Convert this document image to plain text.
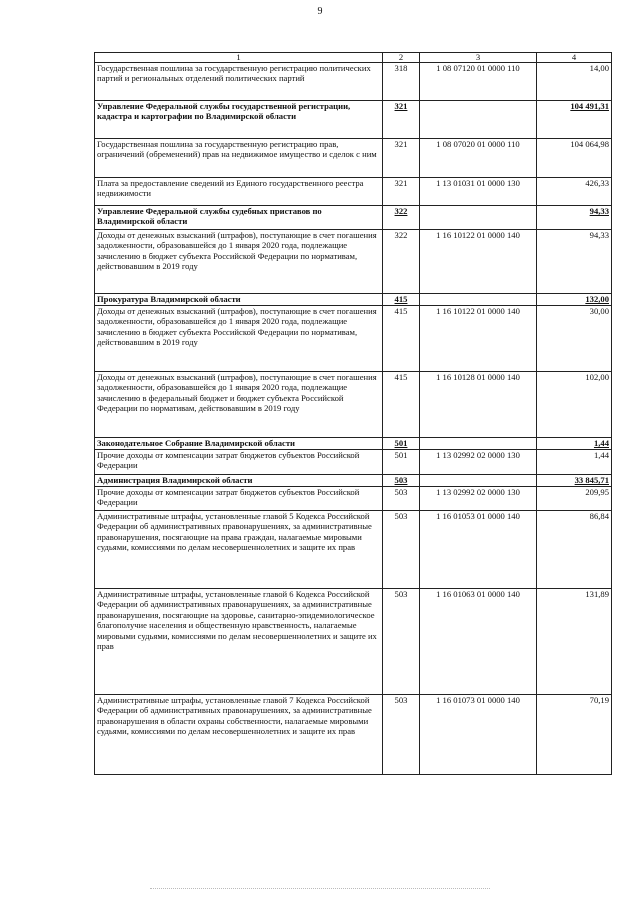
9
1	2	3	4
Государственная пошлина за государственную регистрацию политических партий и региональных отделений политических партий	318	1 08 07120 01 0000 110	14,00
Управление Федеральной службы государственной регистрации, кадастра и картографии по Владимирской области	321		104 491,31
Государственная пошлина за государственную регистрацию прав, ограничений (обременений) прав на недвижимое имущество и сделок с ним	321	1 08 07020 01 0000 110	104 064,98
Плата за предоставление сведений из Единого государственного реестра недвижимости	321	1 13 01031 01 0000 130	426,33
Управление Федеральной службы судебных приставов по Владимирской области	322		94,33
Доходы от денежных взысканий (штрафов), поступающие в счет погашения задолженности, образовавшейся до 1 января 2020 года, подлежащие зачислению в бюджет субъекта Российской Федерации по нормативам, действовавшим в 2019 году	322	1 16 10122 01 0000 140	94,33
Прокуратура Владимирской области	415		132,00
Доходы от денежных взысканий (штрафов), поступающие в счет погашения задолженности, образовавшейся до 1 января 2020 года, подлежащие зачислению в бюджет субъекта Российской Федерации по нормативам, действовавшим в 2019 году	415	1 16 10122 01 0000 140	30,00
Доходы от денежных взысканий (штрафов), поступающие в счет погашения задолженности, образовавшейся до 1 января 2020 года, подлежащие зачислению в федеральный бюджет и бюджет субъекта Российской Федерации по нормативам, действовавшим в 2019 году	415	1 16 10128 01 0000 140	102,00
Законодательное Собрание Владимирской области	501		1,44
Прочие доходы от компенсации затрат бюджетов субъектов Российской Федерации	501	1 13 02992 02 0000 130	1,44
Администрация Владимирской области	503		33 845,71
Прочие доходы от компенсации затрат бюджетов субъектов Российской Федерации	503	1 13 02992 02 0000 130	209,95
Административные штрафы, установленные главой 5 Кодекса Российской Федерации об административных правонарушениях, за административные правонарушения, посягающие на права граждан, налагаемые мировыми судьями, комиссиями по делам несовершеннолетних и защите их прав	503	1 16 01053 01 0000 140	86,84
Административные штрафы, установленные главой 6 Кодекса Российской Федерации об административных правонарушениях, за административные правонарушения, посягающие на здоровье, санитарно-эпидемиологическое благополучие населения и общественную нравственность, налагаемые мировыми судьями, комиссиями по делам несовершеннолетних и защите их прав	503	1 16 01063 01 0000 140	131,89
Административные штрафы, установленные главой 7 Кодекса Российской Федерации об административных правонарушениях, за административные правонарушения в области охраны собственности, налагаемые мировыми судьями, комиссиями по делам несовершеннолетних и защите их прав	503	1 16 01073 01 0000 140	70,19
